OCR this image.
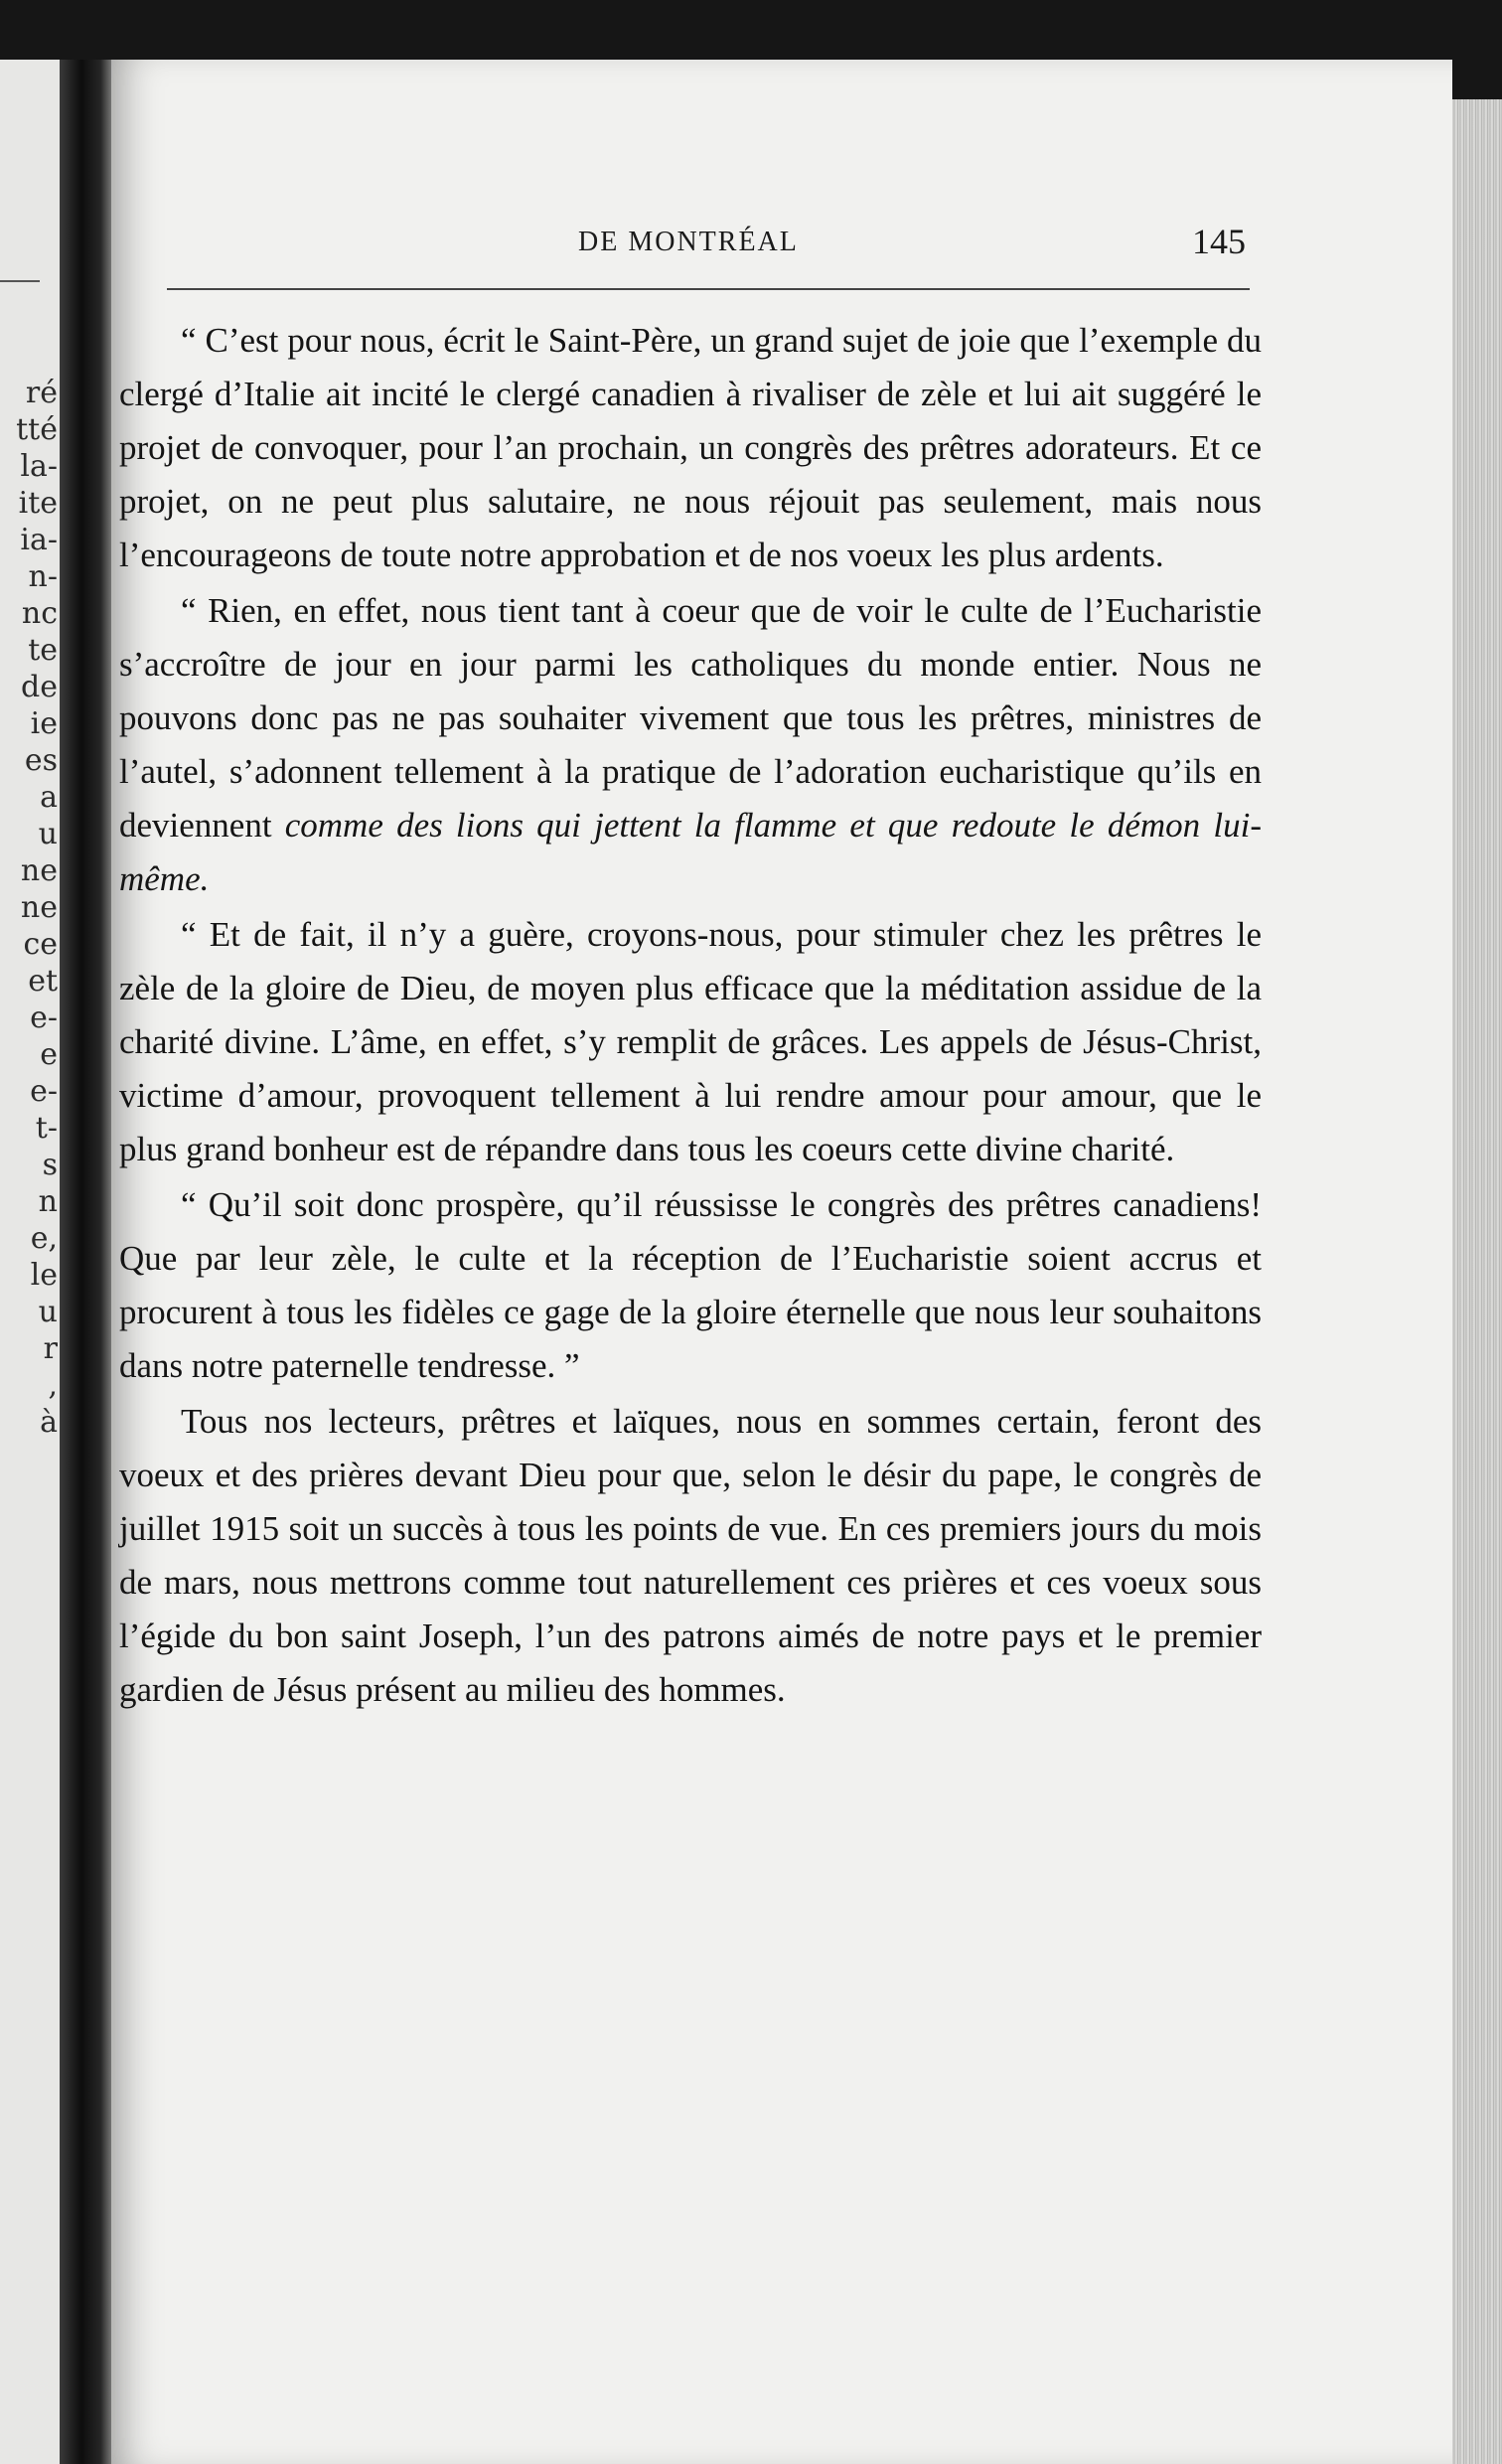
ré
tté
la-
ite
ia-
n-
nc
te
de
ie
es
a
u
ne
ne
ce
et
e-
e
e-
t-
s
n
e,
le
u
r
,
à
DE MONTRÉAL	145

“ C’est pour nous, écrit le Saint-Père, un grand sujet de joie que l’exemple du clergé d’Italie ait incité le clergé canadien à rivaliser de zèle et lui ait suggéré le projet de convoquer, pour l’an prochain, un congrès des prêtres adorateurs. Et ce projet, on ne peut plus salutaire, ne nous réjouit pas seulement, mais nous l’encourageons de toute notre approbation et de nos voeux les plus ardents.

“ Rien, en effet, nous tient tant à coeur que de voir le culte de l’Eucharistie s’accroître de jour en jour parmi les catholiques du monde entier. Nous ne pouvons donc pas ne pas souhaiter vivement que tous les prêtres, ministres de l’autel, s’adonnent tellement à la pratique de l’adoration eucharistique qu’ils en deviennent comme des lions qui jettent la flamme et que redoute le démon lui-même.

“ Et de fait, il n’y a guère, croyons-nous, pour stimuler chez les prêtres le zèle de la gloire de Dieu, de moyen plus efficace que la méditation assidue de la charité divine. L’âme, en effet, s’y remplit de grâces. Les appels de Jésus-Christ, victime d’amour, provoquent tellement à lui rendre amour pour amour, que le plus grand bonheur est de répandre dans tous les coeurs cette divine charité.

“ Qu’il soit donc prospère, qu’il réussisse le congrès des prêtres canadiens! Que par leur zèle, le culte et la réception de l’Eucharistie soient accrus et procurent à tous les fidèles ce gage de la gloire éternelle que nous leur souhaitons dans notre paternelle tendresse. ”

Tous nos lecteurs, prêtres et laïques, nous en sommes certain, feront des voeux et des prières devant Dieu pour que, selon le désir du pape, le congrès de juillet 1915 soit un succès à tous les points de vue. En ces premiers jours du mois de mars, nous mettrons comme tout naturellement ces prières et ces voeux sous l’égide du bon saint Joseph, l’un des patrons aimés de notre pays et le premier gardien de Jésus présent au milieu des hommes.
